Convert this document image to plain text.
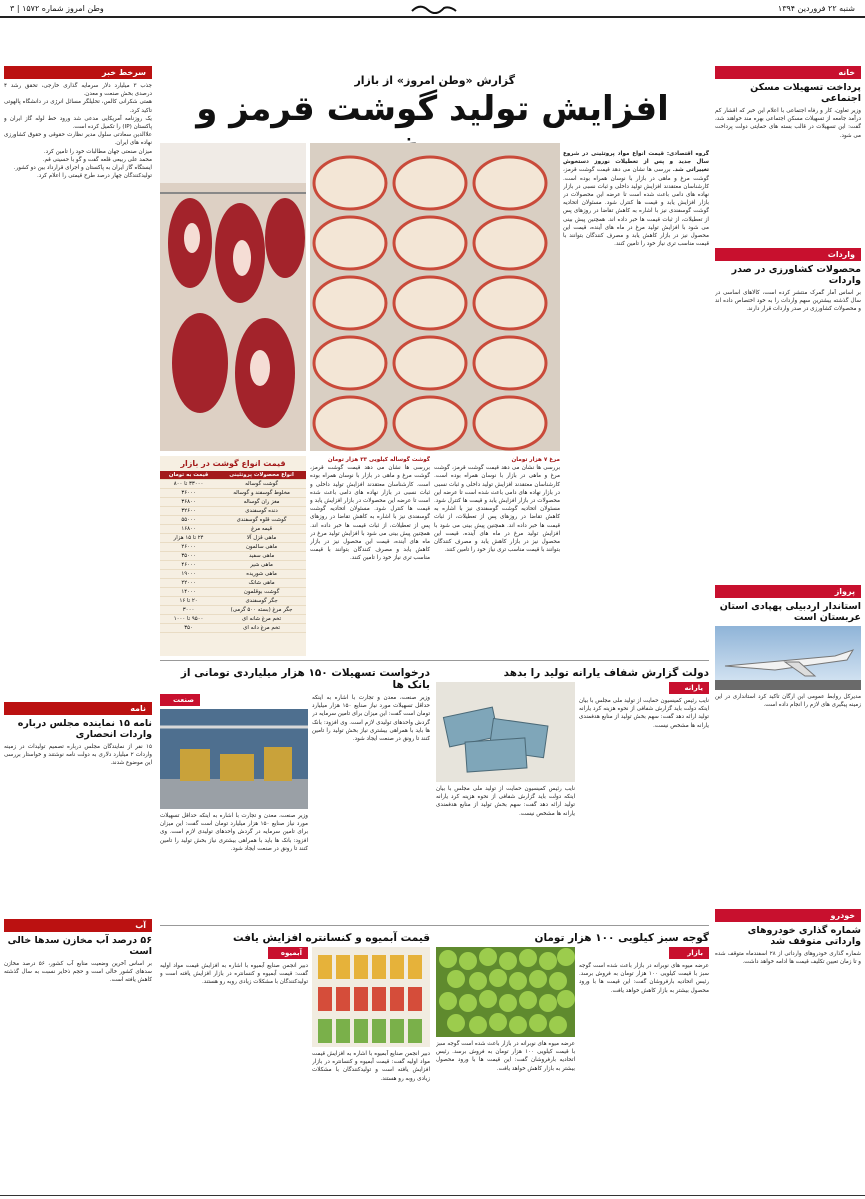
شنبه ۲۲ فروردین ۱۳۹۴
وطن امروز شماره ۱۵۷۲ | ۳
خانه
پرداخت تسهیلات مسکن اجتماعی
وزیر تعاون، کار و رفاه اجتماعی با اعلام این خبر که اقشار کم درآمد جامعه از تسهیلات مسکن اجتماعی بهره مند خواهند شد، گفت: این تسهیلات در قالب بسته های حمایتی دولت پرداخت می شود.
واردات
محصولات کشاورزی در صدر واردات
بر اساس آمار گمرک منتشر کرده است، کالاهای اساسی در سال گذشته بیشترین سهم واردات را به خود اختصاص داده اند و محصولات کشاورزی در صدر واردات قرار دارند.
پرواز
استاندار اردبیلی پهپادی استان عربستان است
مدیرکل روابط عمومی این ارگان تاکید کرد استانداری در این زمینه پیگیری های لازم را انجام داده است.
خودرو
شماره گذاری خودروهای وارداتی متوقف شد
شماره گذاری خودروهای وارداتی از ۲۸ اسفندماه متوقف شده و تا زمان تعیین تکلیف قیمت ها ادامه خواهد داشت.
سرخط خبر

جذب ۳ میلیارد دلار سرمایه گذاری خارجی، تحقق رشد ۴ درصدی بخش صنعت و معدن.

همتی شکرانی کالس، تحلیلگر مسائل انرژی در دانشگاه پالهوتی تاکید کرد.

یک روزنامه آمریکایی مدعی شد ورود خط لوله گاز ایران و پاکستان (IP) را تکمیل کرده است.

علاالدین سعادتی سلول مدیر نظارت حقوقی و حقوق کشاورزی نهاده های ایران.

میزان صنعتی جهان مطالبات خود را تامین کرد.

محمد علی ربیعی قلعه گفت و گو با حسینی قم.

ایستگاه گاز ایران به پاکستان و اجرای قرارداد بین دو کشور.

تولیدکنندگان چهار درصد طرح قیمتی را اعلام کرد.

نامه
نامه ۱۵ نماینده مجلس درباره واردات انحصاری
۱۵ نفر از نمایندگان مجلس درباره تصمیم تولیدات در زمینه واردات ۲ میلیارد دلاری به دولت نامه نوشتند و خواستار بررسی این موضوع شدند.
آب
۵۶ درصد آب مخازن سدها خالی است
بر اساس آخرین وضعیت منابع آب کشور، ۵۶ درصد مخازن سدهای کشور خالی است و حجم ذخایر نسبت به سال گذشته کاهش یافته است.
گزارش «وطن امروز» از بازار
افزایش تولید گوشت قرمز و
گروه اقتصادی: قیمت انواع مواد پروتئینی در شروع سال جدید و پس از تعطیلات نوروز دستخوش تغییراتی شد. بررسی ها نشان می دهد قیمت گوشت قرمز، گوشت مرغ و ماهی در بازار با نوسان همراه بوده است. کارشناسان معتقدند افزایش تولید داخلی و ثبات نسبی در بازار نهاده های دامی باعث شده است تا عرضه این محصولات در بازار افزایش یابد و قیمت ها کنترل شود. مسئولان اتحادیه گوشت گوسفندی نیز با اشاره به کاهش تقاضا در روزهای پس از تعطیلات، از ثبات قیمت ها خبر داده اند. همچنین پیش بینی می شود با افزایش تولید مرغ در ماه های آینده، قیمت این محصول نیز در بازار کاهش یابد و مصرف کنندگان بتوانند با قیمت مناسب تری نیاز خود را تامین کنند.
مرغ ۷ هزار تومان
بررسی ها نشان می دهد قیمت گوشت قرمز، گوشت مرغ و ماهی در بازار با نوسان همراه بوده است. کارشناسان معتقدند افزایش تولید داخلی و ثبات نسبی در بازار نهاده های دامی باعث شده است تا عرضه این محصولات در بازار افزایش یابد و قیمت ها کنترل شود. مسئولان اتحادیه گوشت گوسفندی نیز با اشاره به کاهش تقاضا در روزهای پس از تعطیلات، از ثبات قیمت ها خبر داده اند. همچنین پیش بینی می شود با افزایش تولید مرغ در ماه های آینده، قیمت این محصول نیز در بازار کاهش یابد و مصرف کنندگان بتوانند با قیمت مناسب تری نیاز خود را تامین کنند.
گوشت گوساله کیلویی ۳۳ هزار تومان
بررسی ها نشان می دهد قیمت گوشت قرمز، گوشت مرغ و ماهی در بازار با نوسان همراه بوده است. کارشناسان معتقدند افزایش تولید داخلی و ثبات نسبی در بازار نهاده های دامی باعث شده است تا عرضه این محصولات در بازار افزایش یابد و قیمت ها کنترل شود. مسئولان اتحادیه گوشت گوسفندی نیز با اشاره به کاهش تقاضا در روزهای پس از تعطیلات، از ثبات قیمت ها خبر داده اند. همچنین پیش بینی می شود با افزایش تولید مرغ در ماه های آینده، قیمت این محصول نیز در بازار کاهش یابد و مصرف کنندگان بتوانند با قیمت مناسب تری نیاز خود را تامین کنند.
قیمت انواع گوشت در بازار
انواع محصولات پروتئینی	قیمت به تومان
گوشت گوساله	۳۳۰۰۰ تا ۸۰۰
مخلوط گوسفند و گوساله	۳۶۰۰۰
مغز ران گوساله	۳۶۸۰۰
دنده گوسفندی	۳۲۶۰۰
گوشت قلوه گوسفندی	۵۵۰۰۰
قیمه مرغ	۱۶۸۰۰
ماهی قزل آلا	۲۴ تا ۱۵ هزار
ماهی سالمون	۲۶۰۰۰
ماهی سفید	۳۵۰۰۰
ماهی شیر	۴۶۰۰۰
ماهی شوریده	۱۹۰۰۰
ماهی شانک	۲۲۰۰۰
گوشت بوقلمون	۱۴۰۰۰
جگر گوسفندی	۲۰ تا ۱۶
جگر مرغ (بسته ۵۰۰ گرمی)	۳۰۰۰
تخم مرغ شانه ای	۹۵۰۰ تا ۱۰۰۰
تخم مرغ دانه ای	۳۵۰
درخواست تسهیلات ۱۵۰ هزار میلیاردی تومانی از بانک ها
وزیر صنعت، معدن و تجارت با اشاره به اینکه حداقل تسهیلات مورد نیاز صنایع ۱۵۰ هزار میلیارد تومان است گفت: این میزان برای تامین سرمایه در گردش واحدهای تولیدی لازم است. وی افزود: بانک ها باید با همراهی بیشتری نیاز بخش تولید را تامین کنند تا رونق در صنعت ایجاد شود.
صنعت
وزیر صنعت، معدن و تجارت با اشاره به اینکه حداقل تسهیلات مورد نیاز صنایع ۱۵۰ هزار میلیارد تومان است گفت: این میزان برای تامین سرمایه در گردش واحدهای تولیدی لازم است. وی افزود: بانک ها باید با همراهی بیشتری نیاز بخش تولید را تامین کنند تا رونق در صنعت ایجاد شود.
دولت گزارش شفاف یارانه تولید را بدهد
یارانه
نایب رئیس کمیسیون حمایت از تولید ملی مجلس با بیان اینکه دولت باید گزارش شفافی از نحوه هزینه کرد یارانه تولید ارائه دهد گفت: سهم بخش تولید از منابع هدفمندی یارانه ها مشخص نیست.
نایب رئیس کمیسیون حمایت از تولید ملی مجلس با بیان اینکه دولت باید گزارش شفافی از نحوه هزینه کرد یارانه تولید ارائه دهد گفت: سهم بخش تولید از منابع هدفمندی یارانه ها مشخص نیست.
قیمت آبمیوه و کنسانتره افزایش یافت
دبیر انجمن صنایع آبمیوه با اشاره به افزایش قیمت مواد اولیه گفت: قیمت آبمیوه و کنسانتره در بازار افزایش یافته است و تولیدکنندگان با مشکلات زیادی روبه رو هستند.
آبمیوه
دبیر انجمن صنایع آبمیوه با اشاره به افزایش قیمت مواد اولیه گفت: قیمت آبمیوه و کنسانتره در بازار افزایش یافته است و تولیدکنندگان با مشکلات زیادی روبه رو هستند.
گوجه سبز کیلویی ۱۰۰ هزار تومان
بازار
عرضه میوه های نوبرانه در بازار باعث شده است گوجه سبز با قیمت کیلویی ۱۰۰ هزار تومان به فروش برسد. رئیس اتحادیه بارفروشان گفت: این قیمت ها با ورود محصول بیشتر به بازار کاهش خواهد یافت.
عرضه میوه های نوبرانه در بازار باعث شده است گوجه سبز با قیمت کیلویی ۱۰۰ هزار تومان به فروش برسد. رئیس اتحادیه بارفروشان گفت: این قیمت ها با ورود محصول بیشتر به بازار کاهش خواهد یافت.
